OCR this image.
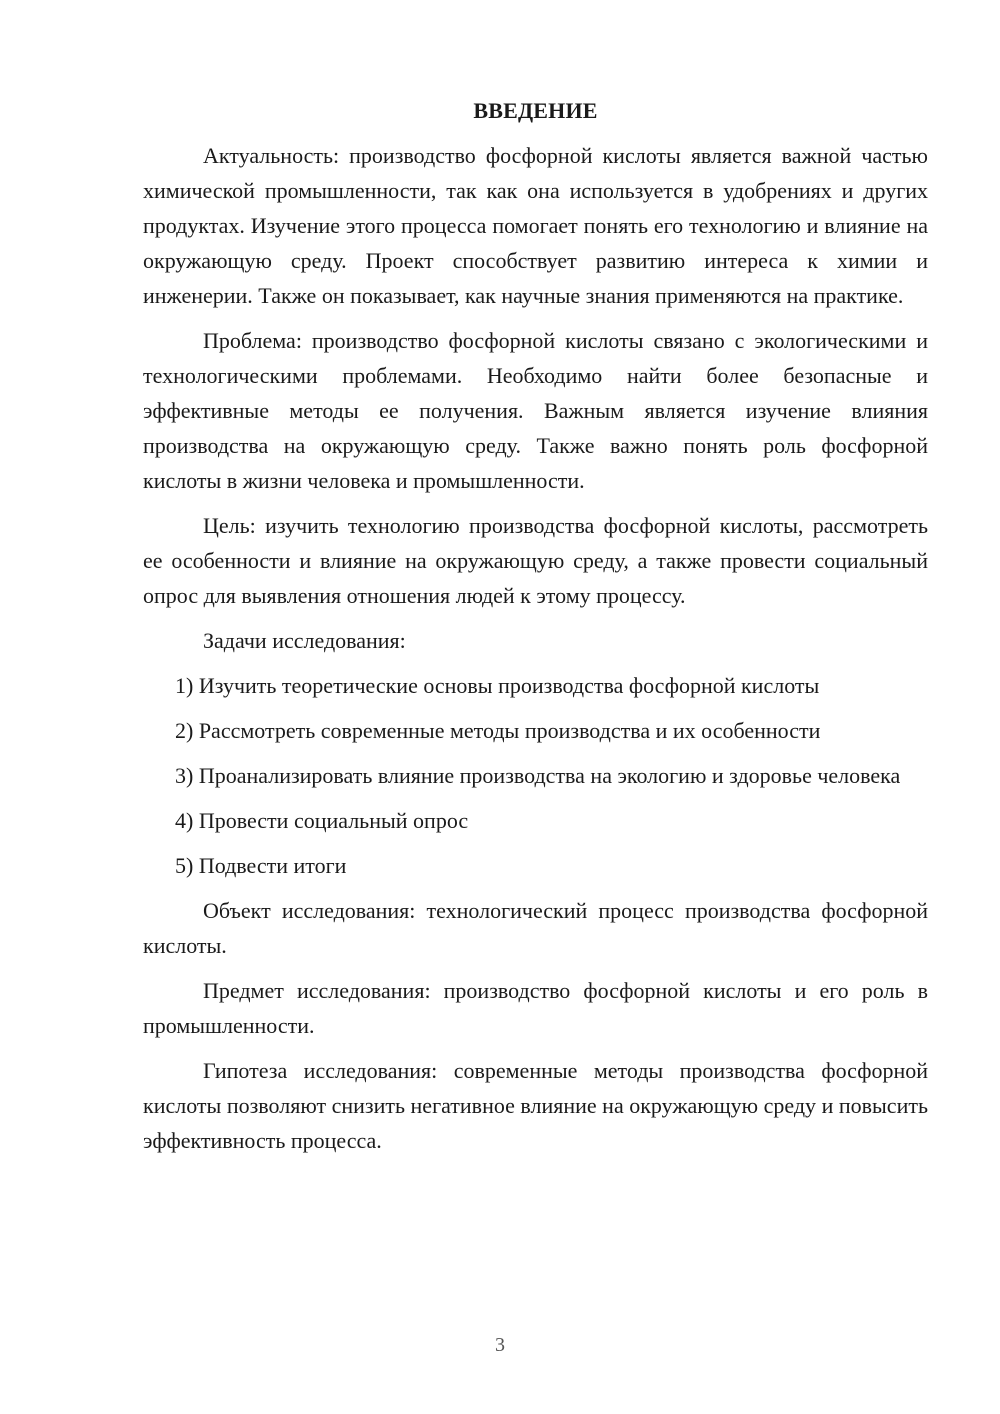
ВВЕДЕНИЕ

Актуальность: производство фосфорной кислоты является важной частью химической промышленности, так как она используется в удобрениях и других продуктах. Изучение этого процесса помогает понять его технологию и влияние на окружающую среду. Проект способствует развитию интереса к химии и инженерии. Также он показывает, как научные знания применяются на практике.

Проблема: производство фосфорной кислоты связано с экологическими и технологическими проблемами. Необходимо найти более безопасные и эффективные методы ее получения. Важным является изучение влияния производства на окружающую среду. Также важно понять роль фосфорной кислоты в жизни человека и промышленности.

Цель: изучить технологию производства фосфорной кислоты, рассмотреть ее особенности и влияние на окружающую среду, а также провести социальный опрос для выявления отношения людей к этому процессу.

Задачи исследования:

1) Изучить теоретические основы производства фосфорной кислоты

2) Рассмотреть современные методы производства и их особенности

3) Проанализировать влияние производства на экологию и здоровье человека

4) Провести социальный опрос

5) Подвести итоги

Объект исследования: технологический процесс производства фосфорной кислоты.

Предмет исследования: производство фосфорной кислоты и его роль в промышленности.

Гипотеза исследования: современные методы производства фосфорной кислоты позволяют снизить негативное влияние на окружающую среду и повысить эффективность процесса.

3
